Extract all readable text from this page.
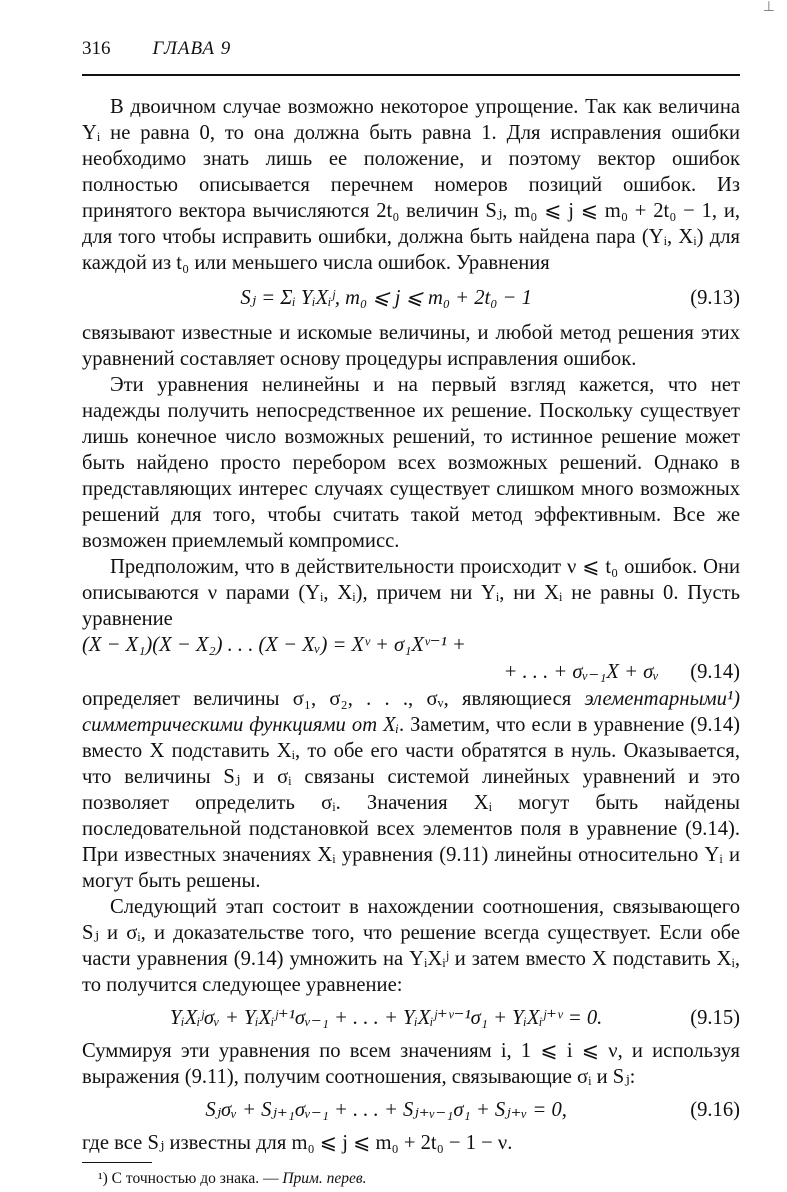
⊥
316 ГЛАВА 9

В двоичном случае возможно некоторое упрощение. Так как величина Yᵢ не равна 0, то она должна быть равна 1. Для исправления ошибки необходимо знать лишь ее положение, и поэтому вектор ошибок полностью описывается перечнем номеров позиций ошибок. Из принятого вектора вычисляются 2t₀ величин Sⱼ, m₀ ⩽ j ⩽ m₀ + 2t₀ − 1, и, для того чтобы исправить ошибки, должна быть найдена пара (Yᵢ, Xᵢ) для каждой из t₀ или меньшего числа ошибок. Уравнения

Sⱼ = Σᵢ YᵢXᵢʲ, m₀ ⩽ j ⩽ m₀ + 2t₀ − 1	(9.13)

связывают известные и искомые величины, и любой метод решения этих уравнений составляет основу процедуры исправления ошибок.

Эти уравнения нелинейны и на первый взгляд кажется, что нет надежды получить непосредственное их решение. Поскольку существует лишь конечное число возможных решений, то истинное решение может быть найдено просто перебором всех возможных решений. Однако в представляющих интерес случаях существует слишком много возможных решений для того, чтобы считать такой метод эффективным. Все же возможен приемлемый компромисс.

Предположим, что в действительности происходит ν ⩽ t₀ ошибок. Они описываются ν парами (Yᵢ, Xᵢ), причем ни Yᵢ, ни Xᵢ не равны 0. Пусть уравнение

(X − X₁)(X − X₂) . . . (X − Xᵥ) = Xᵛ + σ₁Xᵛ⁻¹ +
+ . . . + σᵥ₋₁X + σᵥ (9.14)

определяет величины σ₁, σ₂, . . ., σᵥ, являющиеся элементарными¹) симметрическими функциями от Xᵢ. Заметим, что если в уравнение (9.14) вместо X подставить Xᵢ, то обе его части обратятся в нуль. Оказывается, что величины Sⱼ и σᵢ связаны системой линейных уравнений и это позволяет определить σᵢ. Значения Xᵢ могут быть найдены последовательной подстановкой всех элементов поля в уравнение (9.14). При известных значениях Xᵢ уравнения (9.11) линейны относительно Yᵢ и могут быть решены.

Следующий этап состоит в нахождении соотношения, связывающего Sⱼ и σᵢ, и доказательстве того, что решение всегда существует. Если обе части уравнения (9.14) умножить на YᵢXᵢʲ и затем вместо X подставить Xᵢ, то получится следующее уравнение:

YᵢXᵢʲσᵥ + YᵢXᵢʲ⁺¹σᵥ₋₁ + . . . + YᵢXᵢʲ⁺ᵛ⁻¹σ₁ + YᵢXᵢʲ⁺ᵛ = 0.	(9.15)

Суммируя эти уравнения по всем значениям i, 1 ⩽ i ⩽ ν, и используя выражения (9.11), получим соотношения, связывающие σᵢ и Sⱼ:

Sⱼσᵥ + Sⱼ₊₁σᵥ₋₁ + . . . + Sⱼ₊ᵥ₋₁σ₁ + Sⱼ₊ᵥ = 0,	(9.16)

где все Sⱼ известны для m₀ ⩽ j ⩽ m₀ + 2t₀ − 1 − ν.

¹) С точностью до знака. — Прим. перев.
